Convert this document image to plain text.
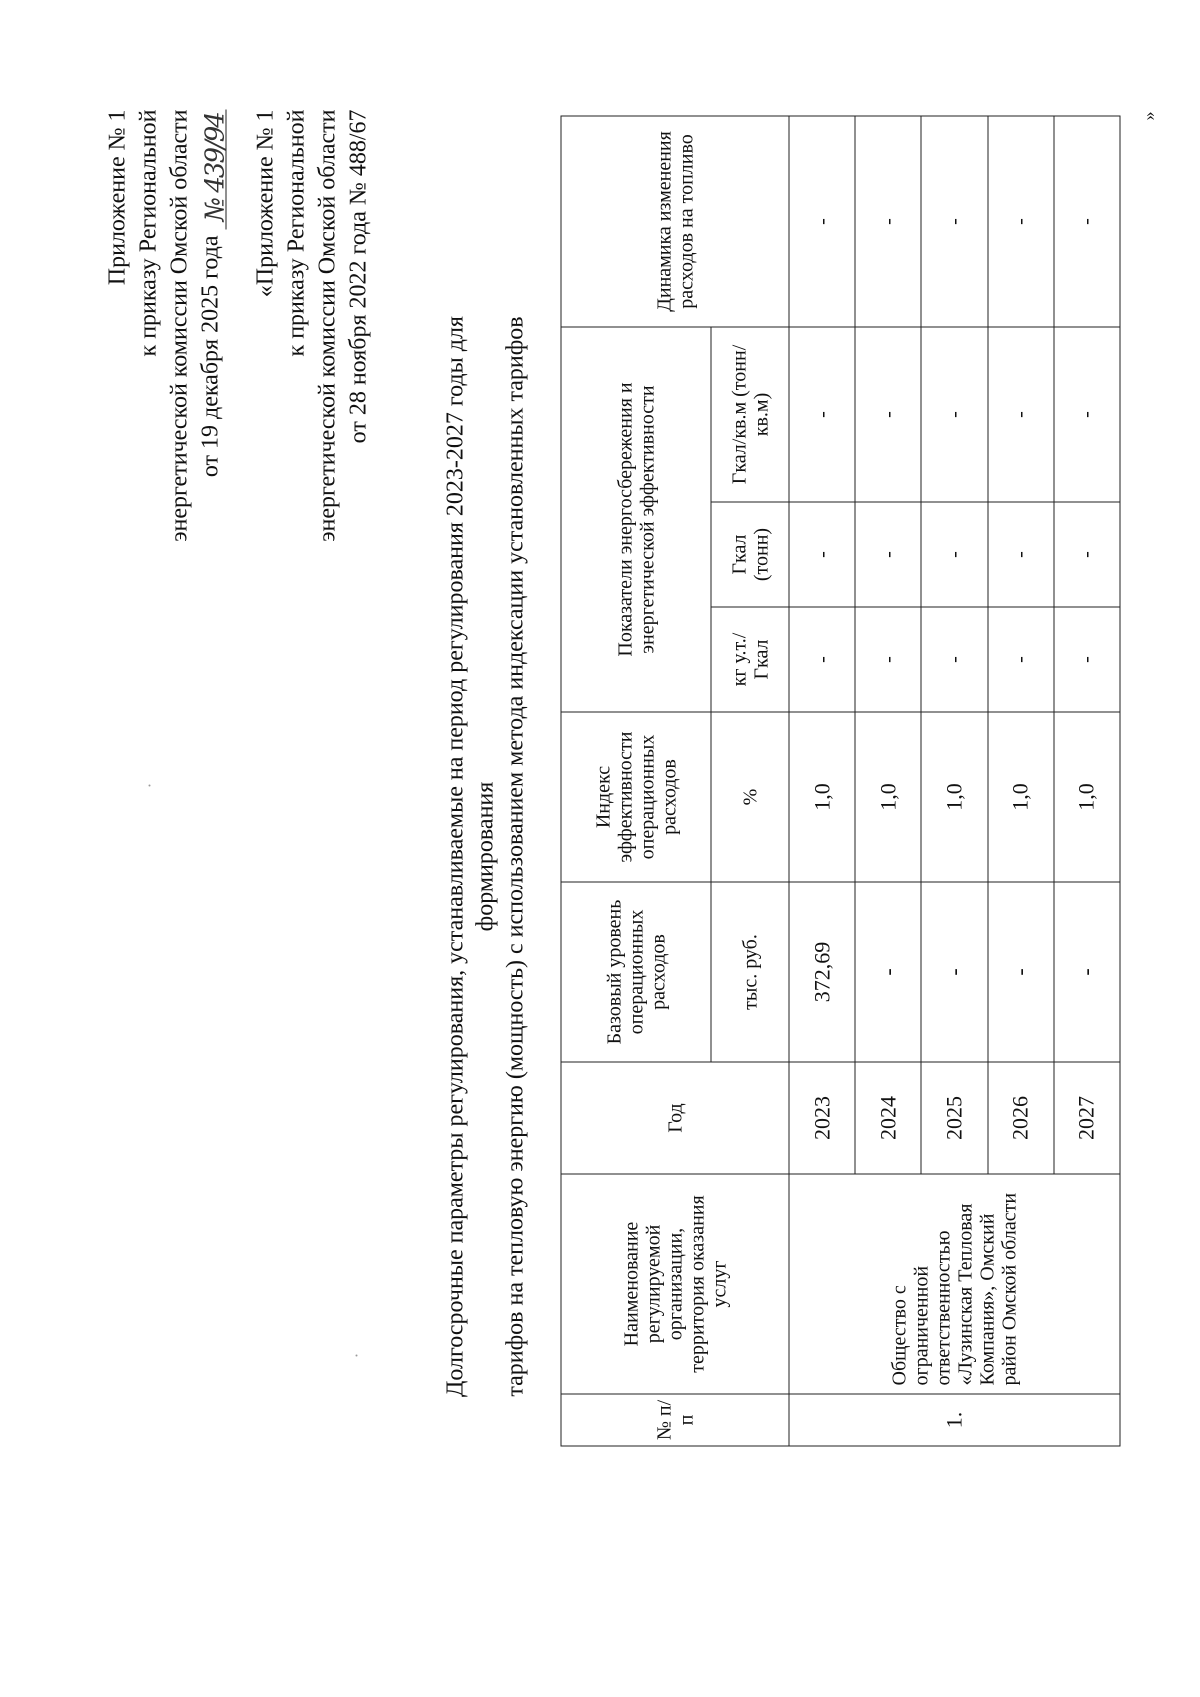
Приложение № 1 к приказу Региональной энергетической комиссии Омской области от 19 декабря 2025 года
№ 439/94 «Приложение № 1 к приказу Региональной энергетической комиссии Омской области от 28 ноября 2022 года № 488/67
Долгосрочные параметры регулирования, устанавливаемые на период регулирования 2023-2027 годы для формирования тарифов на тепловую энергию (мощность) с использованием метода индексации установленных тарифов
№ п/п	Наименование регулируемой организации, территория оказания услуг	Год	Базовый уровень операционных расходов	Индекс эффективности операционных расходов	Показатели энергосбережения и энергетической эффективности			Динамика изменения расходов на топливо
			тыс. руб.	%	кг у.т./ Гкал	Гкал (тонн)	Гкал/кв.м (тонн/кв.м)	
1.	Общество с ограниченной ответственностью «Лузинская Тепловая Компания», Омский район Омской области	2023	372,69	1,0	-	-	-	-
		2024	-	1,0	-	-	-	-
		2025	-	1,0	-	-	-	-
		2026	-	1,0	-	-	-	-
		2027	-	1,0	-	-	-	-
»
